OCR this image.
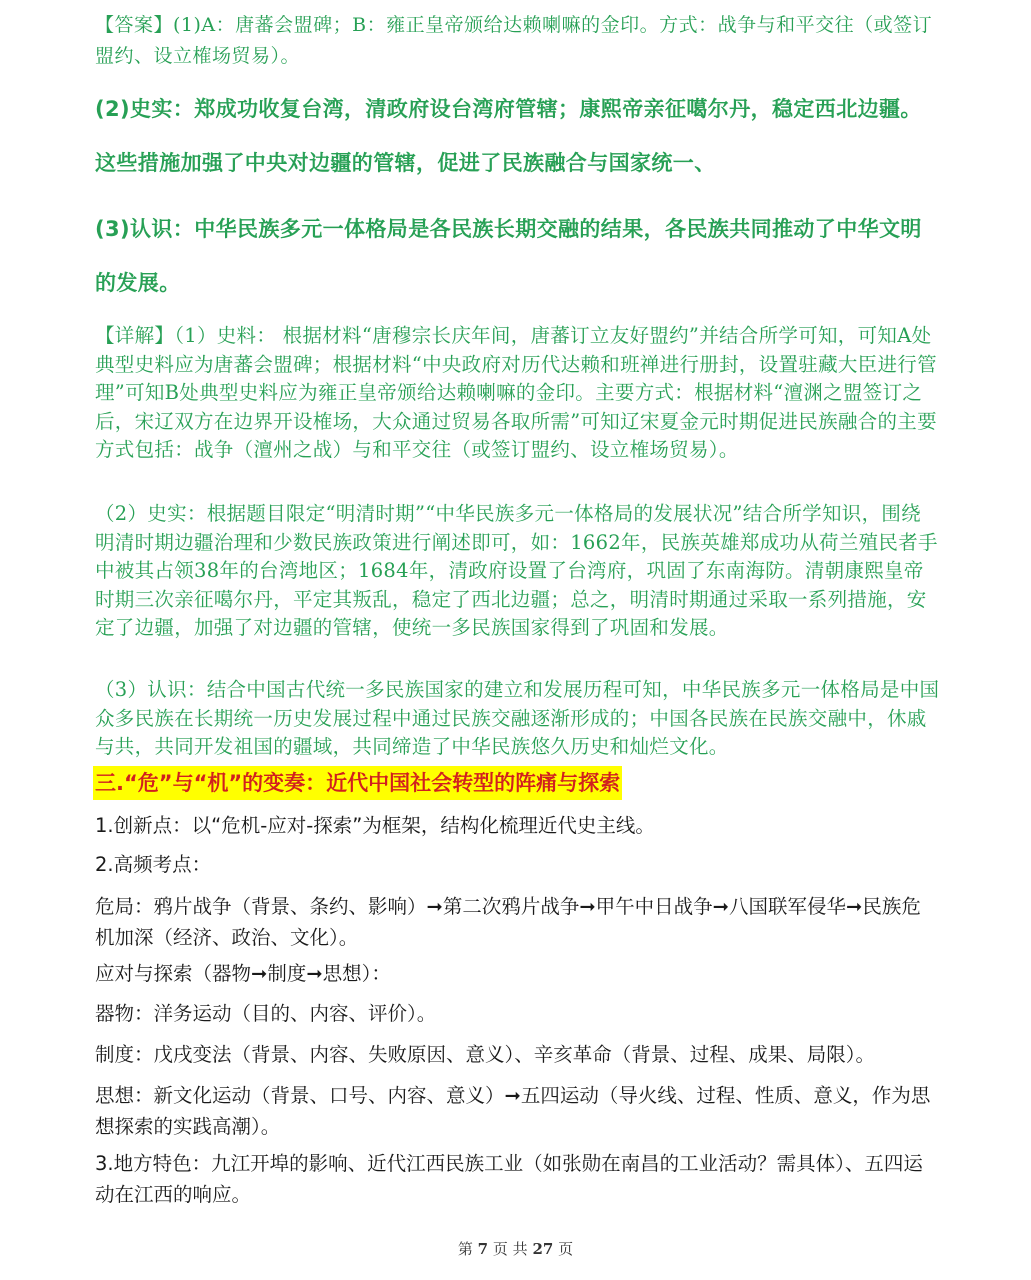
【答案】(1)A：唐蕃会盟碑；B：雍正皇帝颁给达赖喇嘛的金印。方式：战争与和平交往（或签订盟约、设立榷场贸易）。

(2)史实：郑成功收复台湾，清政府设台湾府管辖；康熙帝亲征噶尔丹，稳定西北边疆。这些措施加强了中央对边疆的管辖，促进了民族融合与国家统一、

(3)认识：中华民族多元一体格局是各民族长期交融的结果，各民族共同推动了中华文明的发展。

【详解】（1）史料： 根据材料“唐穆宗长庆年间，唐蕃订立友好盟约”并结合所学可知，可知A处典型史料应为唐蕃会盟碑；根据材料“中央政府对历代达赖和班禅进行册封，设置驻藏大臣进行管理”可知B处典型史料应为雍正皇帝颁给达赖喇嘛的金印。主要方式：根据材料“澶渊之盟签订之后，宋辽双方在边界开设榷场，大众通过贸易各取所需”可知辽宋夏金元时期促进民族融合的主要方式包括：战争（澶州之战）与和平交往（或签订盟约、设立榷场贸易）。

（2）史实：根据题目限定“明清时期”“中华民族多元一体格局的发展状况”结合所学知识，围绕明清时期边疆治理和少数民族政策进行阐述即可，如：1662年，民族英雄郑成功从荷兰殖民者手中被其占领38年的台湾地区；1684年，清政府设置了台湾府，巩固了东南海防。清朝康熙皇帝时期三次亲征噶尔丹，平定其叛乱，稳定了西北边疆；总之，明清时期通过采取一系列措施，安定了边疆，加强了对边疆的管辖，使统一多民族国家得到了巩固和发展。

（3）认识：结合中国古代统一多民族国家的建立和发展历程可知，中华民族多元一体格局是中国众多民族在长期统一历史发展过程中通过民族交融逐渐形成的；中国各民族在民族交融中，休戚与共，共同开发祖国的疆域，共同缔造了中华民族悠久历史和灿烂文化。

三.“危”与“机”的变奏：近代中国社会转型的阵痛与探索

1.创新点：以“危机-应对-探索”为框架，结构化梳理近代史主线。

2.高频考点：

危局：鸦片战争（背景、条约、影响）➞第二次鸦片战争➞甲午中日战争➞八国联军侵华➞民族危机加深（经济、政治、文化）。

应对与探索（器物➞制度➞思想）：

器物：洋务运动（目的、内容、评价）。

制度：戊戌变法（背景、内容、失败原因、意义）、辛亥革命（背景、过程、成果、局限）。

思想：新文化运动（背景、口号、内容、意义）➞五四运动（导火线、过程、性质、意义，作为思想探索的实践高潮）。

3.地方特色：九江开埠的影响、近代江西民族工业（如张勋在南昌的工业活动？需具体）、五四运动在江西的响应。

第 7 页 共 27 页
